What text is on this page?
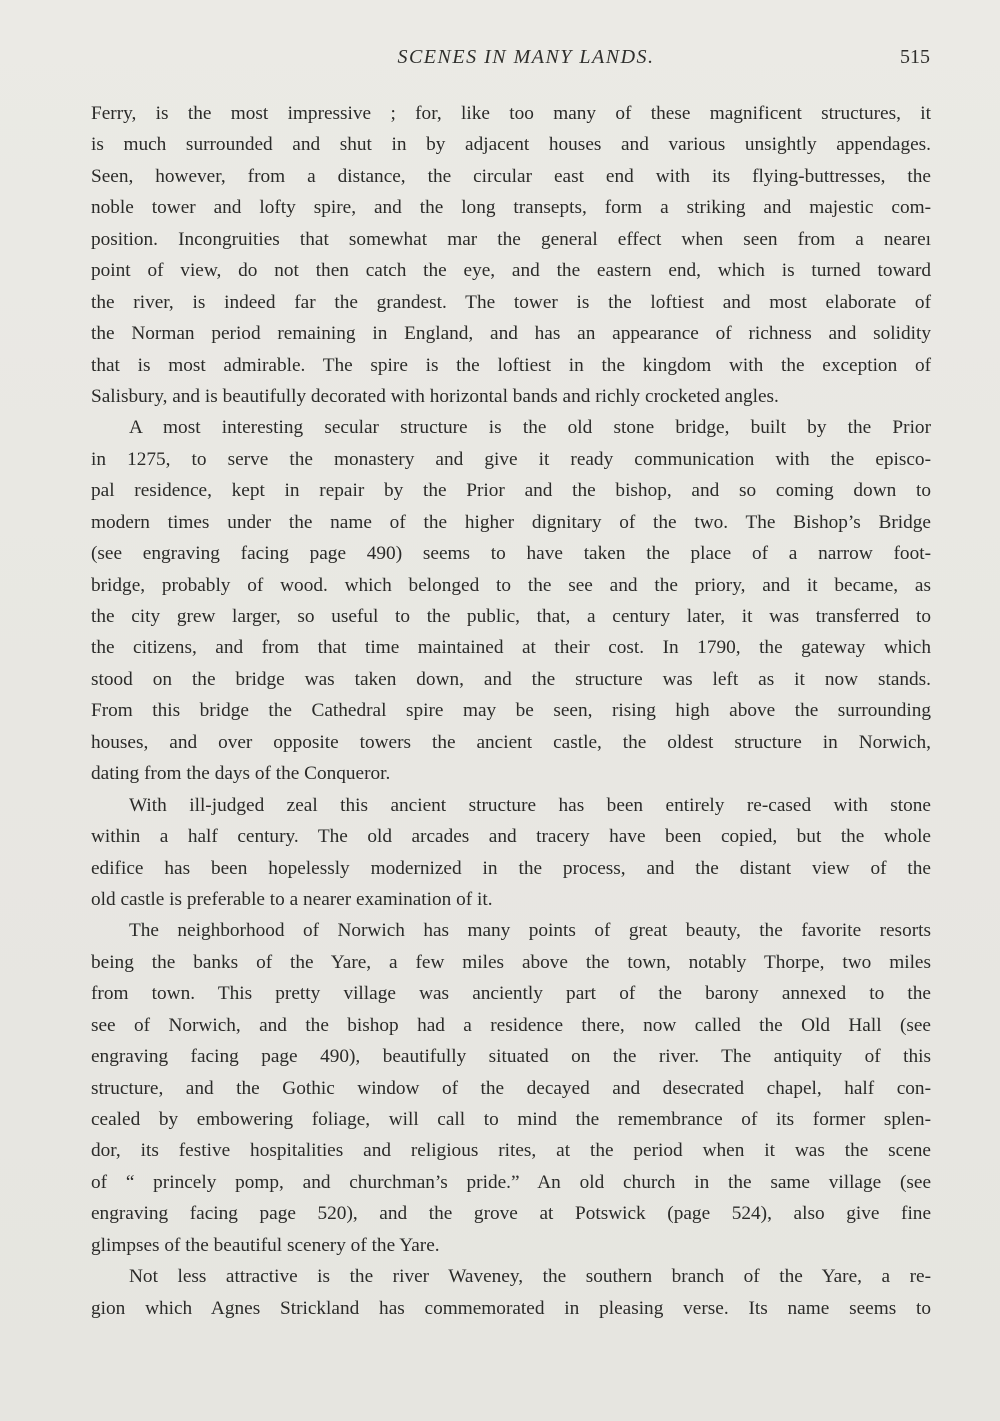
SCENES IN MANY LANDS.	515
Ferry, is the most impressive ; for, like too many of these magnificent structures, it
is much surrounded and shut in by adjacent houses and various unsightly appendages.
Seen, however, from a distance, the circular east end with its flying-buttresses, the
noble tower and lofty spire, and the long transepts, form a striking and majestic com-
position. Incongruities that somewhat mar the general effect when seen from a neareı
point of view, do not then catch the eye, and the eastern end, which is turned toward
the river, is indeed far the grandest. The tower is the loftiest and most elaborate of
the Norman period remaining in England, and has an appearance of richness and solidity
that is most admirable. The spire is the loftiest in the kingdom with the exception of
Salisbury, and is beautifully decorated with horizontal bands and richly crocketed angles.
A most interesting secular structure is the old stone bridge, built by the Prior
in 1275, to serve the monastery and give it ready communication with the episco-
pal residence, kept in repair by the Prior and the bishop, and so coming down to
modern times under the name of the higher dignitary of the two. The Bishop’s Bridge
(see engraving facing page 490) seems to have taken the place of a narrow foot-
bridge, probably of wood. which belonged to the see and the priory, and it became, as
the city grew larger, so useful to the public, that, a century later, it was transferred to
the citizens, and from that time maintained at their cost. In 1790, the gateway which
stood on the bridge was taken down, and the structure was left as it now stands.
From this bridge the Cathedral spire may be seen, rising high above the surrounding
houses, and over opposite towers the ancient castle, the oldest structure in Norwich,
dating from the days of the Conqueror.
With ill-judged zeal this ancient structure has been entirely re-cased with stone
within a half century. The old arcades and tracery have been copied, but the whole
edifice has been hopelessly modernized in the process, and the distant view of the
old castle is preferable to a nearer examination of it.
The neighborhood of Norwich has many points of great beauty, the favorite resorts
being the banks of the Yare, a few miles above the town, notably Thorpe, two miles
from town. This pretty village was anciently part of the barony annexed to the
see of Norwich, and the bishop had a residence there, now called the Old Hall (see
engraving facing page 490), beautifully situated on the river. The antiquity of this
structure, and the Gothic window of the decayed and desecrated chapel, half con-
cealed by embowering foliage, will call to mind the remembrance of its former splen-
dor, its festive hospitalities and religious rites, at the period when it was the scene
of “ princely pomp, and churchman’s pride.” An old church in the same village (see
engraving facing page 520), and the grove at Potswick (page 524), also give fine
glimpses of the beautiful scenery of the Yare.
Not less attractive is the river Waveney, the southern branch of the Yare, a re-
gion which Agnes Strickland has commemorated in pleasing verse. Its name seems to
